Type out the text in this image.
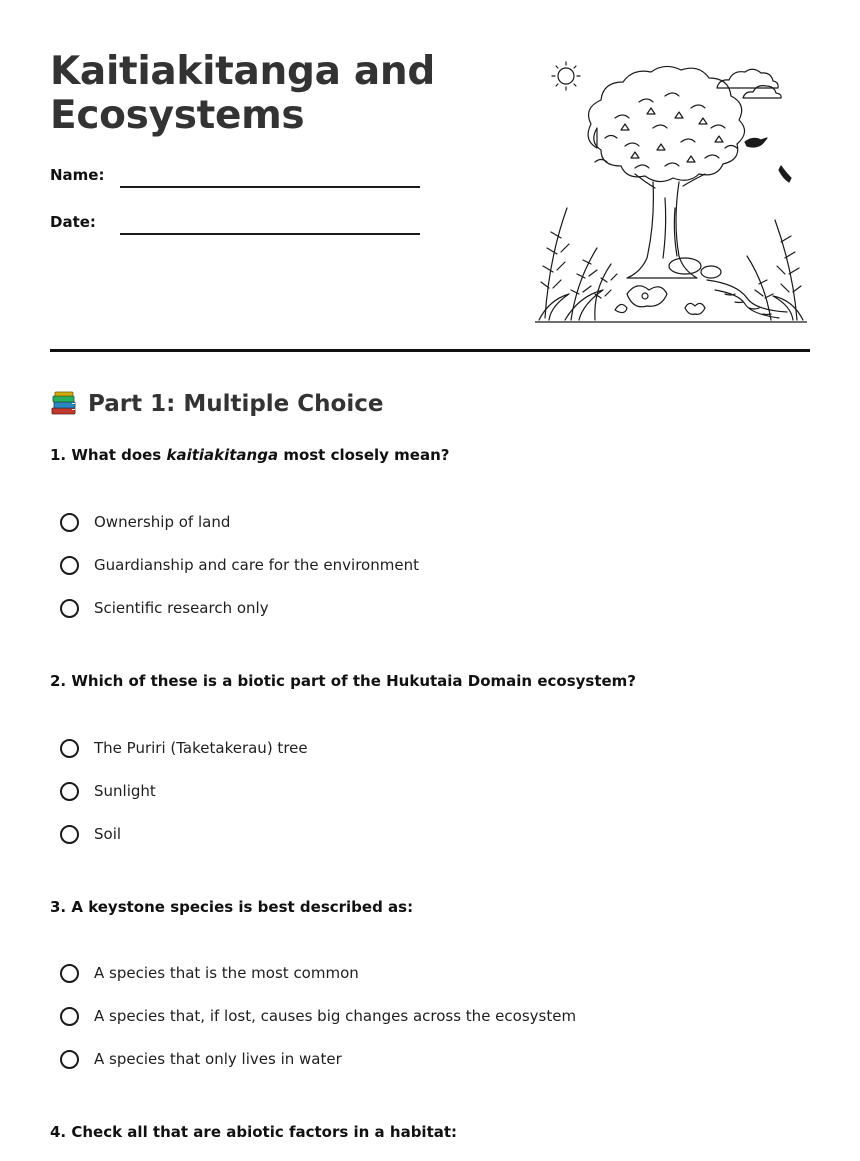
Kaitiakitanga and Ecosystems
Name:
Date:
Part 1: Multiple Choice

1. What does kaitiakitanga most closely mean?

Ownership of land
Guardianship and care for the environment
Scientific research only

2. Which of these is a biotic part of the Hukutaia Domain ecosystem?

The Puriri (Taketakerau) tree
Sunlight
Soil

3. A keystone species is best described as:

A species that is the most common
A species that, if lost, causes big changes across the ecosystem
A species that only lives in water

4. Check all that are abiotic factors in a habitat:
